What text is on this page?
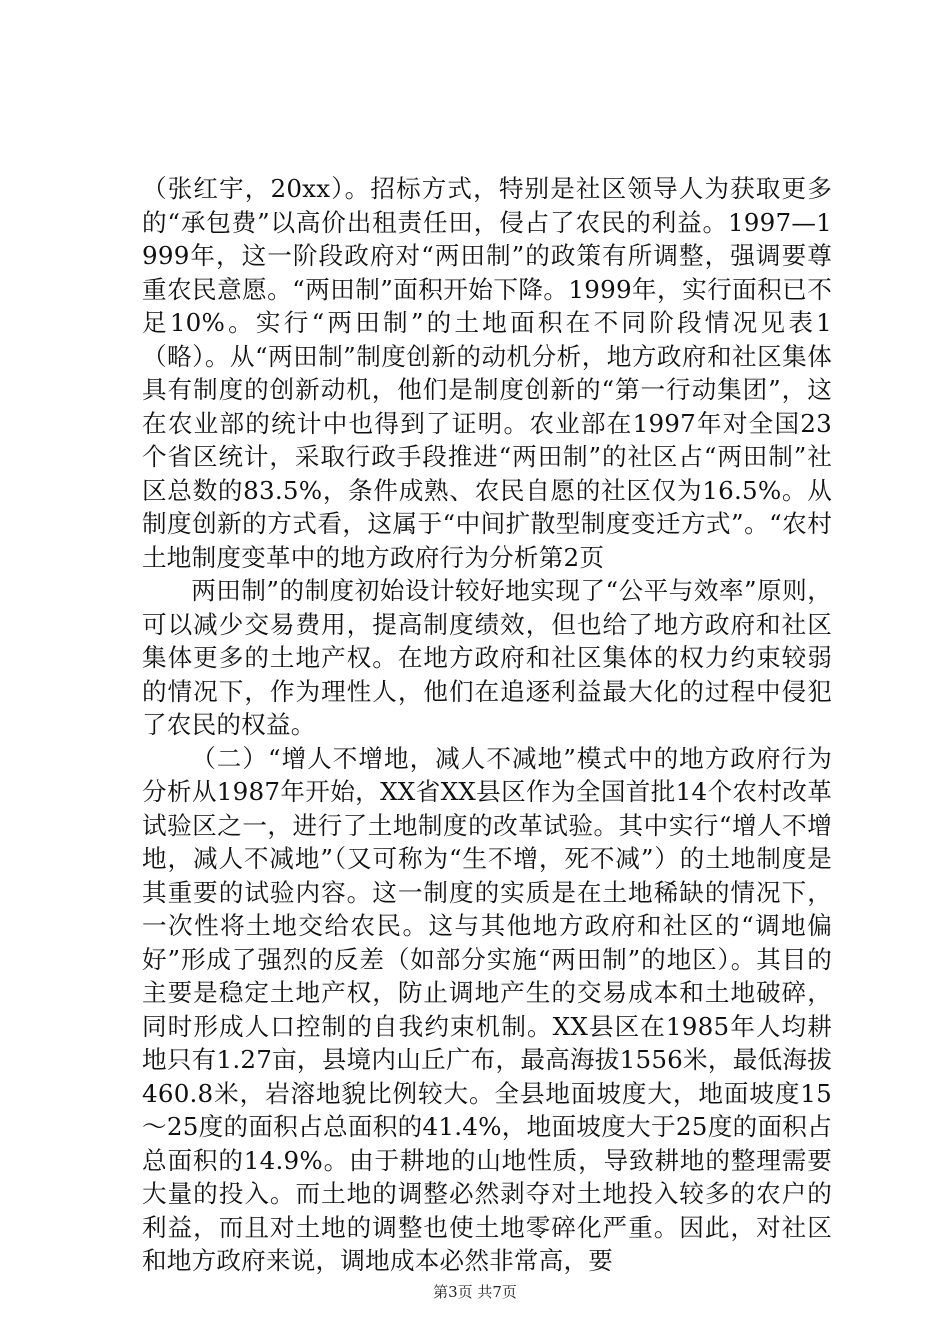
（张红宇，20xx）。招标方式，特别是社区领导人为获取更多的“承包费”以高价出租责任田，侵占了农民的利益。1997—1999年，这一阶段政府对“两田制”的政策有所调整，强调要尊重农民意愿。“两田制”面积开始下降。1999年，实行面积已不足10%。实行“两田制”的土地面积在不同阶段情况见表1（略）。从“两田制”制度创新的动机分析，地方政府和社区集体具有制度的创新动机，他们是制度创新的“第一行动集团”，这在农业部的统计中也得到了证明。农业部在1997年对全国23个省区统计，采取行政手段推进“两田制”的社区占“两田制”社区总数的83.5%，条件成熟、农民自愿的社区仅为16.5%。从制度创新的方式看，这属于“中间扩散型制度变迁方式”。“农村土地制度变革中的地方政府行为分析第2页

两田制”的制度初始设计较好地实现了“公平与效率”原则，可以减少交易费用，提高制度绩效，但也给了地方政府和社区集体更多的土地产权。在地方政府和社区集体的权力约束较弱的情况下，作为理性人，他们在追逐利益最大化的过程中侵犯了农民的权益。

（二）“增人不增地，减人不减地”模式中的地方政府行为分析从1987年开始，XX省XX县区作为全国首批14个农村改革试验区之一，进行了土地制度的改革试验。其中实行“增人不增地，减人不减地”（又可称为“生不增，死不减”）的土地制度是其重要的试验内容。这一制度的实质是在土地稀缺的情况下，一次性将土地交给农民。这与其他地方政府和社区的“调地偏好”形成了强烈的反差（如部分实施“两田制”的地区）。其目的主要是稳定土地产权，防止调地产生的交易成本和土地破碎，同时形成人口控制的自我约束机制。XX县区在1985年人均耕地只有1.27亩，县境内山丘广布，最高海拔1556米，最低海拔460.8米，岩溶地貌比例较大。全县地面坡度大，地面坡度15～25度的面积占总面积的41.4%，地面坡度大于25度的面积占总面积的14.9%。由于耕地的山地性质，导致耕地的整理需要大量的投入。而土地的调整必然剥夺对土地投入较多的农户的利益，而且对土地的调整也使土地零碎化严重。因此，对社区和地方政府来说，调地成本必然非常高，要

第3页 共7页
